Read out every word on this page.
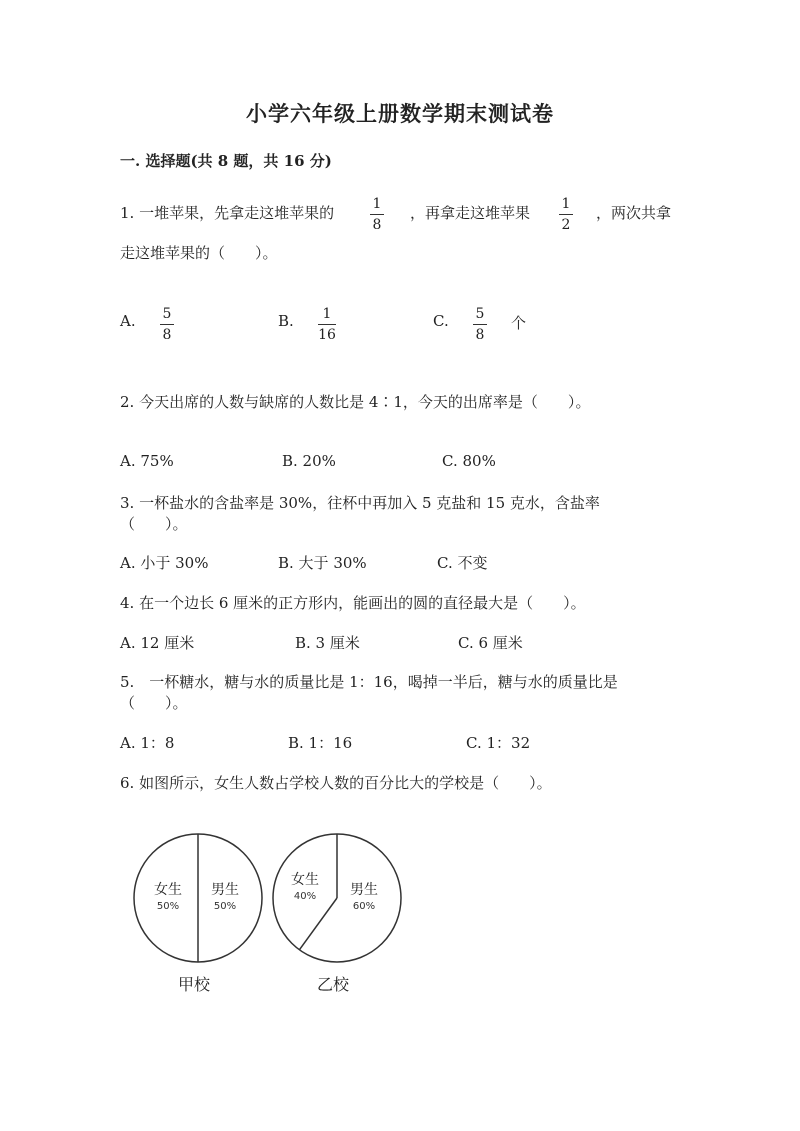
小学六年级上册数学期末测试卷
一. 选择题(共 8 题，共 16 分)
1. 一堆苹果，先拿走这堆苹果的	1
8
，再拿走这堆苹果 1
2
，两次共拿
走这堆苹果的（　　）。
A. 5
8
B. 1
16
C. 5
8
个
2. 今天出席的人数与缺席的人数比是 4∶1，今天的出席率是（　　）。
A. 75%	B. 20%	C. 80%
3. 一杯盐水的含盐率是 30%，往杯中再加入 5 克盐和 15 克水，含盐率
（　　）。
A. 小于 30%	B. 大于 30%	C. 不变
4. 在一个边长 6 厘米的正方形内，能画出的圆的直径最大是（　　）。
A. 12 厘米	B. 3 厘米	C. 6 厘米
5.　一杯糖水，糖与水的质量比是 1：16，喝掉一半后，糖与水的质量比是
（　　）。
A. 1：8	B. 1：16	C. 1：32
6. 如图所示，女生人数占学校人数的百分比大的学校是（　　）。
女生
50%
男生
50%
甲校
女生
40% 男生
60%
乙校
